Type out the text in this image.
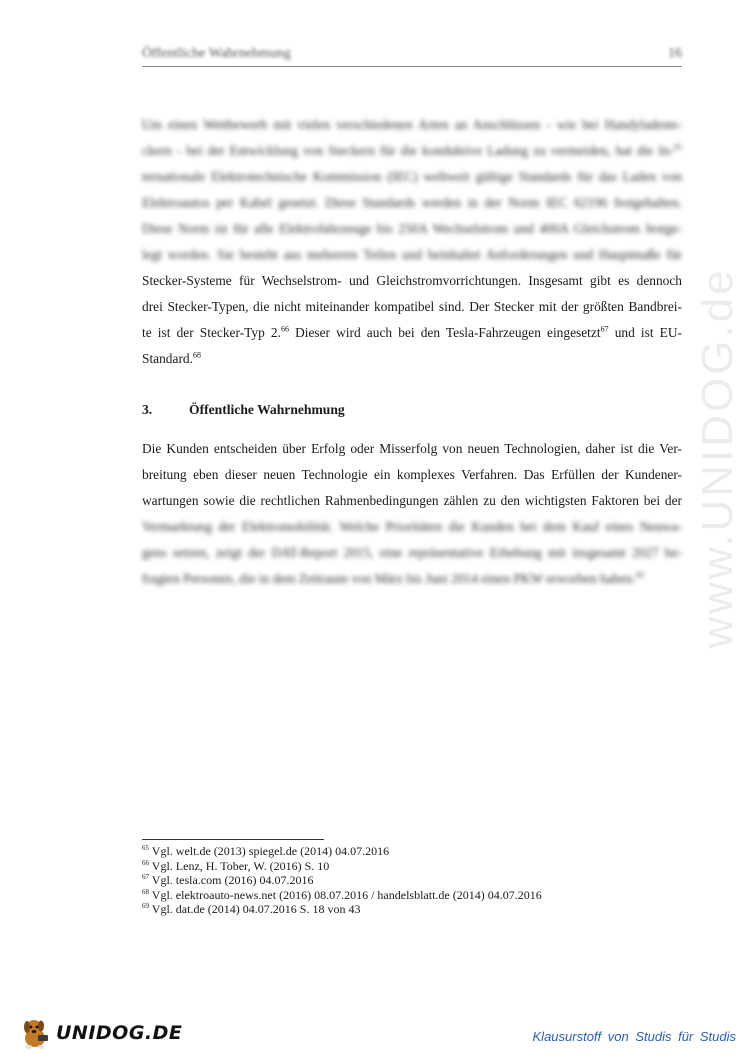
Öffentliche Wahrnehmung	16
Um einen Wettbewerb mit vielen verschiedenen Arten an Anschlüssen - wie bei Handyladeste-
ckern - bei der Entwicklung von Steckern für die konduktive Ladung zu vermeiden, hat die In-$^{65}$
ternationale Elektrotechnische Kommission (IEC) weltweit gültige Standards für das Laden von
Elektroautos per Kabel gesetzt. Diese Standards werden in der Norm IEC 62196 festgehalten.
Diese Norm ist für alle Elektrofahrzeuge bis 250A Wechselstrom und 400A Gleichstrom festge-
legt worden. Sie besteht aus mehreren Teilen und beinhaltet Anforderungen und Hauptmaße für
Stecker-Systeme für Wechselstrom- und Gleichstromvorrichtungen. Insgesamt gibt es dennoch
drei Stecker-Typen, die nicht miteinander kompatibel sind. Der Stecker mit der größten Bandbrei-
te ist der Stecker-Typ 2.66 Dieser wird auch bei den Tesla-Fahrzeugen eingesetzt$^{67}$ und ist EU-
Standard.$^{68}$
3.	Öffentliche Wahrnehmung
Die Kunden entscheiden über Erfolg oder Misserfolg von neuen Technologien, daher ist die Ver-
breitung eben dieser neuen Technologie ein komplexes Verfahren. Das Erfüllen der Kundener-
wartungen sowie die rechtlichen Rahmenbedingungen zählen zu den wichtigsten Faktoren bei der
Vermarktung der Elektromobilität. Welche Prioritäten die Kunden bei dem Kauf eines Neuwa-
gens setzen, zeigt der DAT-Report 2015, eine repräsentative Erhebung mit insgesamt 2027 be-
fragten Personen, die in dem Zeitraum von März bis Juni 2014 einen PKW erworben haben.$^{69}$
$^{65}$ Vgl. welt.de (2013) spiegel.de (2014) 04.07.2016
$^{66}$ Vgl. Lenz, H. Tober, W. (2016) S. 10
$^{67}$ Vgl. tesla.com (2016) 04.07.2016
$^{68}$ Vgl. elektroauto-news.net (2016) 08.07.2016 / handelsblatt.de (2014) 04.07.2016
$^{69}$ Vgl. dat.de (2014) 04.07.2016 S. 18 von 43
www.UNIDOG.de
UNIDOG.DE	Klausurstoff von Studis für Studis
